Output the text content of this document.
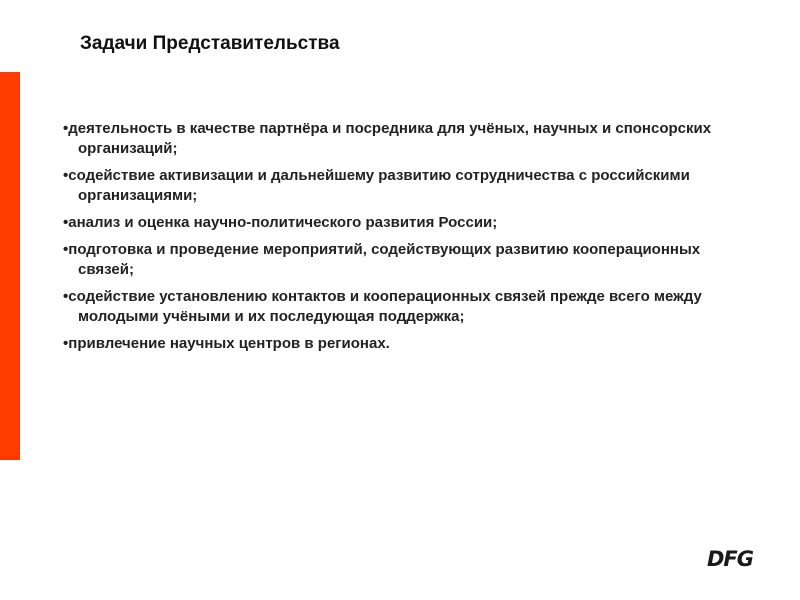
Задачи Представительства
•деятельность в качестве партнёра и посредника для учёных, научных и спонсорских организаций;
•содействие активизации и дальнейшему развитию сотрудничества с российскими организациями;
•анализ и оценка научно-политического развития России;
•подготовка и проведение мероприятий, содействующих развитию кооперационных связей;
•содействие установлению контактов и кооперационных связей прежде всего между молодыми учёными и их последующая поддержка;
•привлечение научных центров в регионах.
DFG
